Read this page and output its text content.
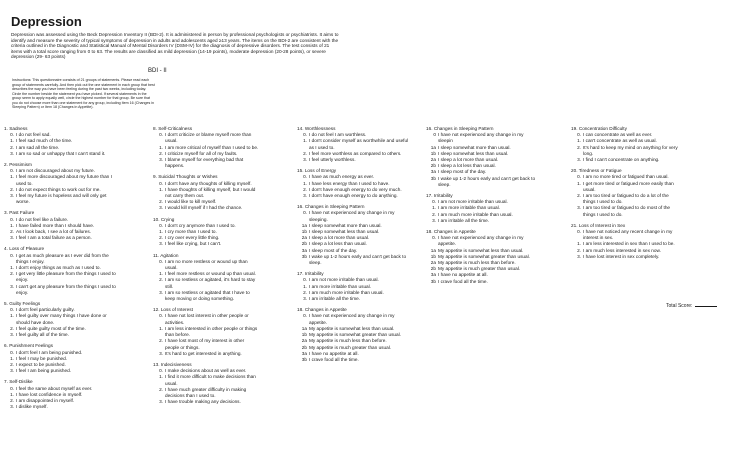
Depression

Depression was assessed using the Beck Depression Inventory II (BDI-2). It is administered in person by professional psychologists or psychiatrists. It aims to identify and measure the severity of typical symptoms of depression in adults and adolescents aged ≥13 years. The items on the BDI-2 are consistent with the criteria outlined in the Diagnostic and Statistical Manual of Mental Disorders IV (DSM-IV) for the diagnosis of depressive disorders. The test consists of 21 items with a total score ranging from 0 to 63. The results are classified as mild depression (14-19 points), moderate depression (20-28 points), or severe depression (29- 63 points)

BDI - II

Instructions: This questionnaire consists of 21 groups of statements. Please read each group of statements carefully. And then pick out the one statement in each group that best describes the way you have been feeling during the past two weeks, including today. Circle the number beside the statement you have picked. If several statements in the group seem to apply equally well, circle the highest number for that group. Be sure that you do not choose more than one statement for any group, including Item 16 (Changes in Sleeping Pattern) or Item 18 (Changes in Appetite).

1. Sadness

0. I do not feel sad.
1. I feel sad much of the time.
2. I am sad all the time.
3. I am so sad or unhappy that I can't stand it.

2. Pessimism

0. I am not discouraged about my future.
1. I feel more discouraged about my future than I used to.
2. I do not expect things to work out for me.
3. I feel my future is hopeless and will only get worse.

3. Past Failure

0. I do not feel like a failure.
1. I have failed more than I should have.
2. As I look back, I see a lot of failures.
3. I feel I am a total failure as a person.

4. Loss of Pleasure

0. I get as much pleasure as I ever did from the things I enjoy.
1. I don't enjoy things as much as I used to.
2. I get very little pleasure from the things I used to enjoy.
3. I can't get any pleasure from the things I used to enjoy.

5. Guilty Feelings

0. I don't feel particularly guilty.
1. I feel guilty over many things I have done or should have done.
2. I feel quite guilty most of the time.
3. I feel guilty all of the time.

6. Punishment Feelings

0. I don't feel I am being punished.
1. I feel I may be punished.
2. I expect to be punished.
3. I feel I am being punished.

7. Self-Dislike

0. I feel the same about myself as ever.
1. I have lost confidence in myself.
2. I am disappointed in myself.
3. I dislike myself.

8. Self-Criticalness

0. I don't criticize or blame myself more than usual.
1. I am more critical of myself than I used to be.
2. I criticize myself for all of my faults.
3. I blame myself for everything bad that happens.

9. Suicidal Thoughts or Wishes

0. I don't have any thoughts of killing myself.
1. I have thoughts of killing myself, but I would not carry them out.
2. I would like to kill myself.
3. I would kill myself if I had the chance.

10. Crying

0. I don't cry anymore than I used to.
1. I cry more than I used to.
2. I cry over every little thing.
3. I feel like crying, but I can't.

11. Agitation

0. I am no more restless or wound up than usual.
1. I feel more restless or wound up than usual.
2. I am so restless or agitated, it's hard to stay still.
3. I am so restless or agitated that I have to keep moving or doing something.

12. Loss of Interest

0. I have not lost interest in other people or activities.
1. I am less interested in other people or things than before.
2. I have lost most of my interest in other people or things.
3. It's hard to get interested in anything.

13. Indecisiveness

0. I make decisions about as well as ever.
1. I find it more difficult to make decisions than usual.
2. I have much greater difficulty in making decisions than I used to.
3. I have trouble making any decisions.

14. Worthlessness

0. I do not feel I am worthless.
1. I don't consider myself as worthwhile and useful as I used to.
2. I feel more worthless as compared to others.
3. I feel utterly worthless.

15. Loss of Energy

0. I have as much energy as ever.
1. I have less energy than I used to have.
2. I don't have enough energy to do very much.
3. I don't have enough energy to do anything.

16. Changes in Sleeping Pattern

0. I have not experienced any change in my sleeping.
1a I sleep somewhat more than usual.
1b I sleep somewhat less than usual.
2a I sleep a lot more than usual.
2b I sleep a lot less than usual.
3a I sleep most of the day.
3b I wake up 1-2 hours early and can't get back to sleep.

17. Irritability

0. I am not more irritable than usual.
1. I am more irritable than usual.
2. I am much more irritable than usual.
3. I am irritable all the time.

18. Changes in Appetite

0. I have not experienced any change in my appetite.
1a My appetite is somewhat less than usual.
1b My appetite is somewhat greater than usual.
2a My appetite is much less than before.
2b My appetite is much greater than usual.
3a I have no appetite at all.
3b I crave food all the time.

16. Changes in Sleeping Pattern

0 I have not experienced any change in my sleepin
1a I sleep somewhat more than usual.
1b I sleep somewhat less than usual.
2a I sleep a lot more than usual.
2b I sleep a lot less than usual.
3a I sleep most of the day.
3b I wake up 1-2 hours early and can't get back to sleep.

17. Irritability

0. I am not more irritable than usual.
1. I am more irritable than usual.
2. I am much more irritable than usual.
3. I am irritable all the time.

18. Changes in Appetite

0. I have not experienced any change in my appetite.
1a My appetite is somewhat less than usual.
1b My appetite is somewhat greater than usual.
2a My appetite is much less than before.
2b My appetite is much greater than usual.
3a I have no appetite at all.
3b I crave food all the time.

19. Concentration Difficulty

0. I can concentrate as well as ever.
1. I can't concentrate as well as usual.
2. It's hard to keep my mind on anything for very long.
3. I find I can't concentrate on anything.

20. Tiredness or Fatigue

0. I am no more tired or fatigued than usual.
1. I get more tired or fatigued more easily than usual.
2. I am too tired or fatigued to do a lot of the things I used to do.
3. I am too tired or fatigued to do most of the things I used to do.

21. Loss of Interest in Sex

0. I have not noticed any recent change in my interest in sex.
1. I am less interested in sex than I used to be.
2. I am much less interested in sex now.
3. I have lost interest in sex completely.
Total Score:
